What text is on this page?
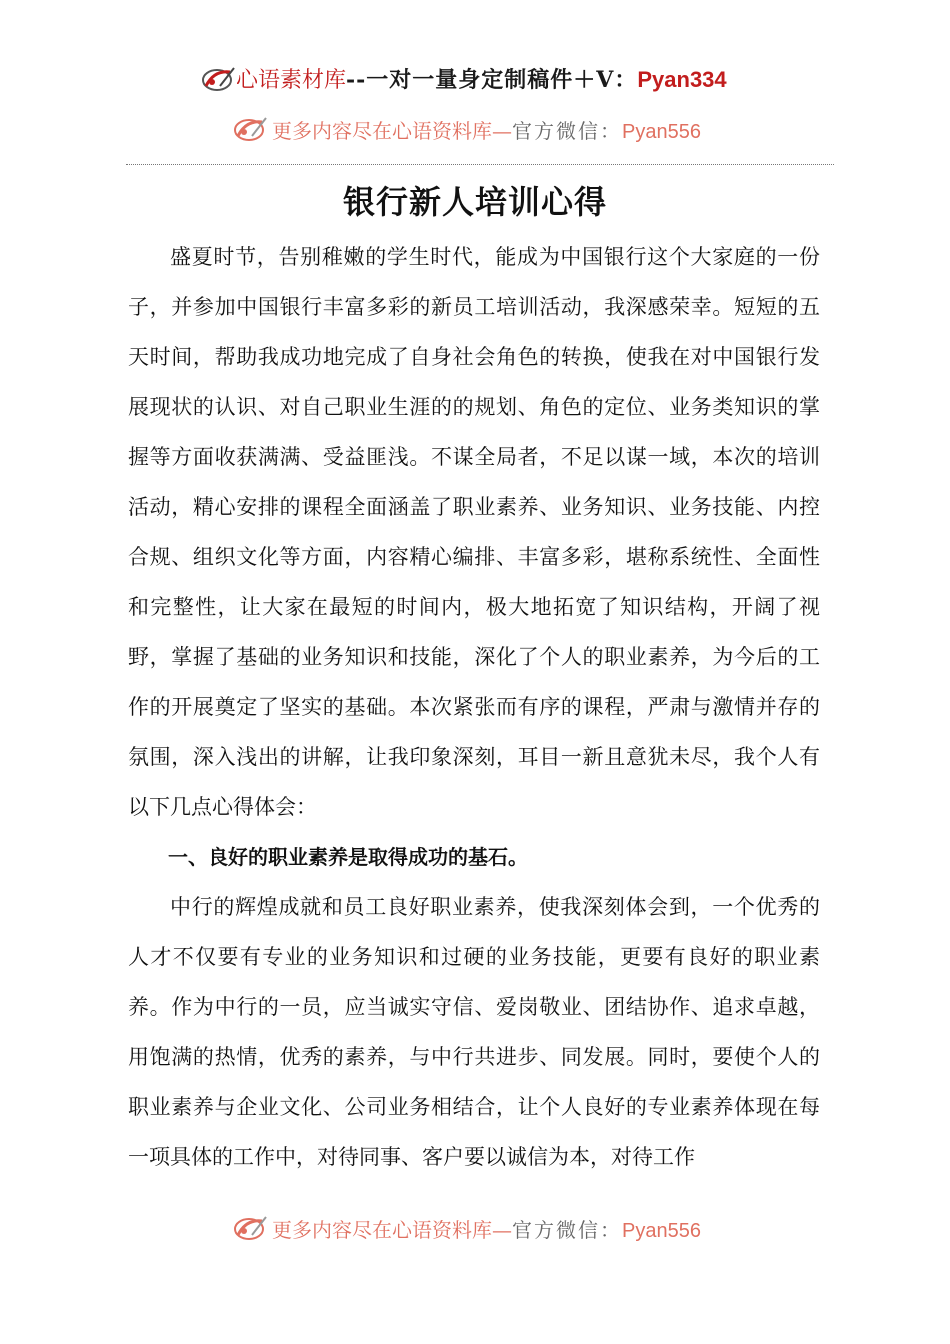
心语素材库--一对一量身定制稿件＋V：Pyan334
更多内容尽在心语资料库—官方微信：Pyan556
银行新人培训心得

盛夏时节，告别稚嫩的学生时代，能成为中国银行这个大家庭的一份子，并参加中国银行丰富多彩的新员工培训活动，我深感荣幸。短短的五天时间，帮助我成功地完成了自身社会角色的转换，使我在对中国银行发展现状的认识、对自己职业生涯的的规划、角色的定位、业务类知识的掌握等方面收获满满、受益匪浅。不谋全局者，不足以谋一域，本次的培训活动，精心安排的课程全面涵盖了职业素养、业务知识、业务技能、内控合规、组织文化等方面，内容精心编排、丰富多彩，堪称系统性、全面性和完整性，让大家在最短的时间内，极大地拓宽了知识结构，开阔了视野，掌握了基础的业务知识和技能，深化了个人的职业素养，为今后的工作的开展奠定了坚实的基础。本次紧张而有序的课程，严肃与激情并存的氛围，深入浅出的讲解，让我印象深刻，耳目一新且意犹未尽，我个人有以下几点心得体会：

一、良好的职业素养是取得成功的基石。

中行的辉煌成就和员工良好职业素养，使我深刻体会到，一个优秀的人才不仅要有专业的业务知识和过硬的业务技能，更要有良好的职业素养。作为中行的一员，应当诚实守信、爱岗敬业、团结协作、追求卓越，用饱满的热情，优秀的素养，与中行共进步、同发展。同时，要使个人的职业素养与企业文化、公司业务相结合，让个人良好的专业素养体现在每一项具体的工作中，对待同事、客户要以诚信为本，对待工作

更多内容尽在心语资料库—官方微信：Pyan556
